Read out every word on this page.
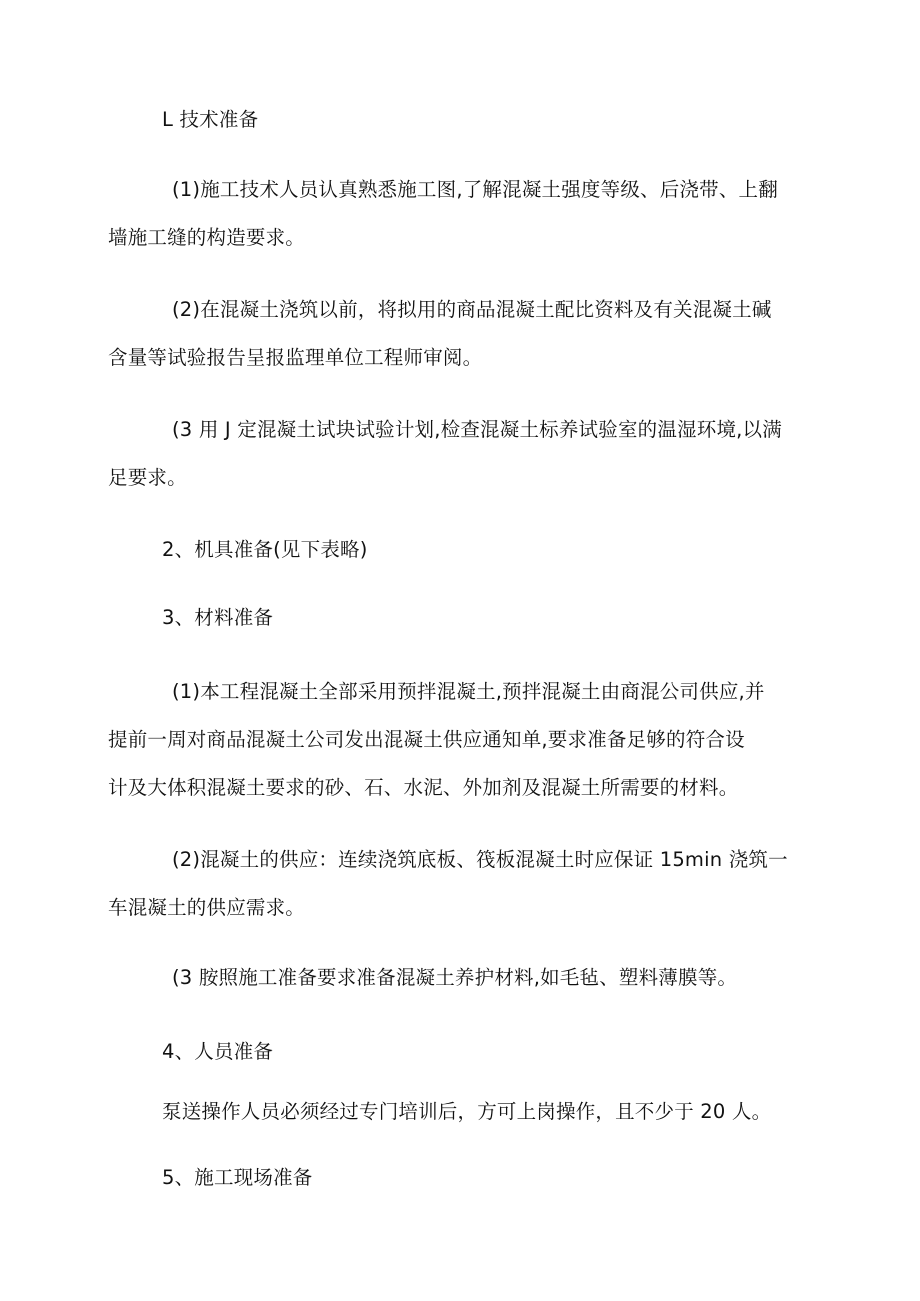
L 技术准备
(1)施工技术人员认真熟悉施工图,了解混凝土强度等级、后浇带、上翻
墙施工缝的构造要求。
(2)在混凝土浇筑以前，将拟用的商品混凝土配比资料及有关混凝土碱
含量等试验报告呈报监理单位工程师审阅。
(3 用 J 定混凝土试块试验计划,检查混凝土标养试验室的温湿环境,以满
足要求。
2、机具准备(见下表略)
3、材料准备
(1)本工程混凝土全部采用预拌混凝土,预拌混凝土由商混公司供应,并
提前一周对商品混凝土公司发出混凝土供应通知单,要求准备足够的符合设
计及大体积混凝土要求的砂、石、水泥、外加剂及混凝土所需要的材料。
(2)混凝土的供应：连续浇筑底板、筏板混凝土时应保证 15min 浇筑一
车混凝土的供应需求。
(3 胺照施工准备要求准备混凝土养护材料,如毛毡、塑料薄膜等。
4、人员准备
泵送操作人员必须经过专门培训后，方可上岗操作，且不少于 20 人。
5、施工现场准备
